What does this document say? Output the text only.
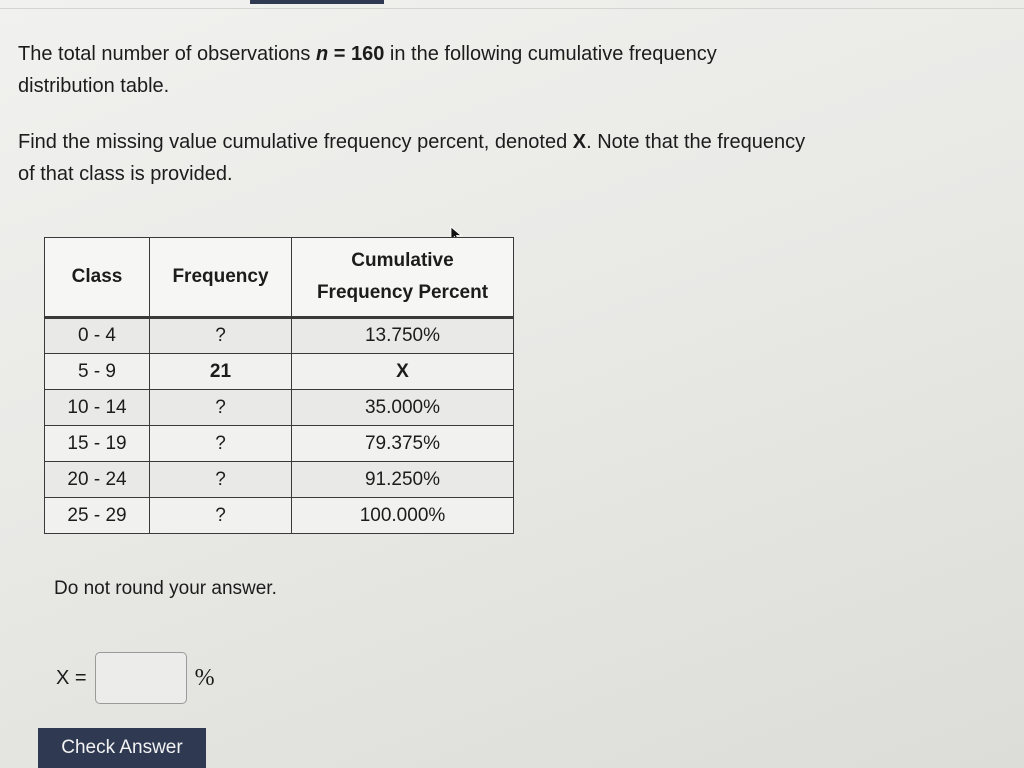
The total number of observations n = 160 in the following cumulative frequency distribution table.

Find the missing value cumulative frequency percent, denoted X. Note that the frequency of that class is provided.

Class	Frequency	Cumulative
Frequency Percent
0 - 4	?	13.750%
5 - 9	21	X
10 - 14	?	35.000%
15 - 19	?	79.375%
20 - 24	?	91.250%
25 - 29	?	100.000%
Do not round your answer.
X =	%
Check Answer
